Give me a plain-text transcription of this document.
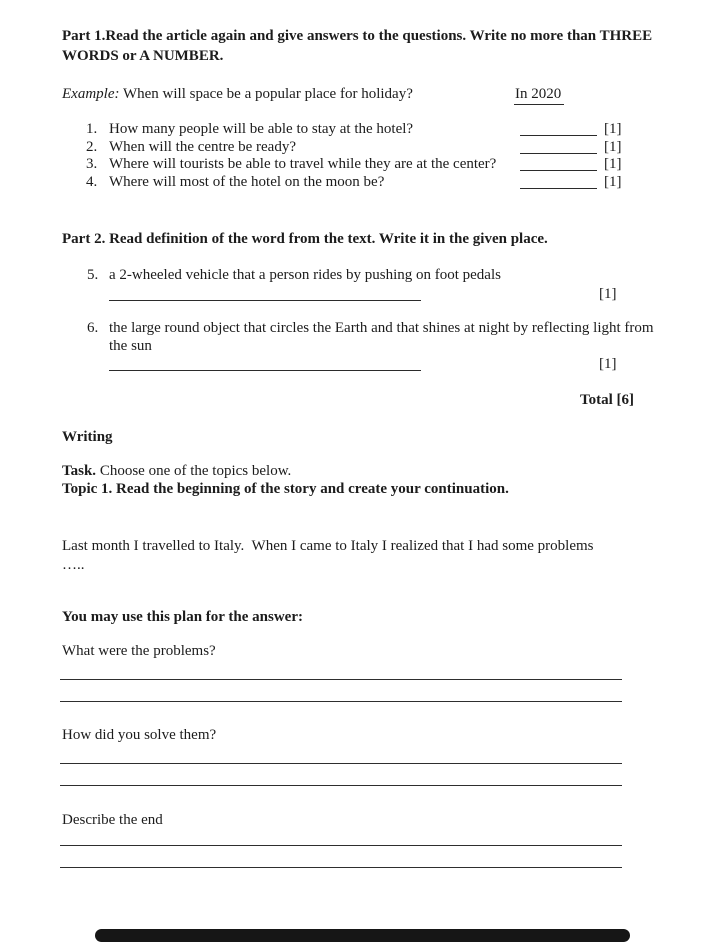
Part 1.Read the article again and give answers to the questions. Write no more than THREE
WORDS or A NUMBER.
Example: When will space be a popular place for holiday?	In 2020
1. How many people will be able to stay at the hotel?	[1]
2. When will the centre be ready?	[1]
3. Where will tourists be able to travel while they are at the center?	[1]
4. Where will most of the hotel on the moon be?	[1]
Part 2. Read definition of the word from the text. Write it in the given place.
5. a 2-wheeled vehicle that a person rides by pushing on foot pedals
[1]
6. the large round object that circles the Earth and that shines at night by reflecting light from
the sun
[1]
Total [6]
Writing
Task. Choose one of the topics below.
Topic 1. Read the beginning of the story and create your continuation.
Last month I travelled to Italy.  When I came to Italy I realized that I had some problems
…..
You may use this plan for the answer:
What were the problems?
How did you solve them?
Describe the end
